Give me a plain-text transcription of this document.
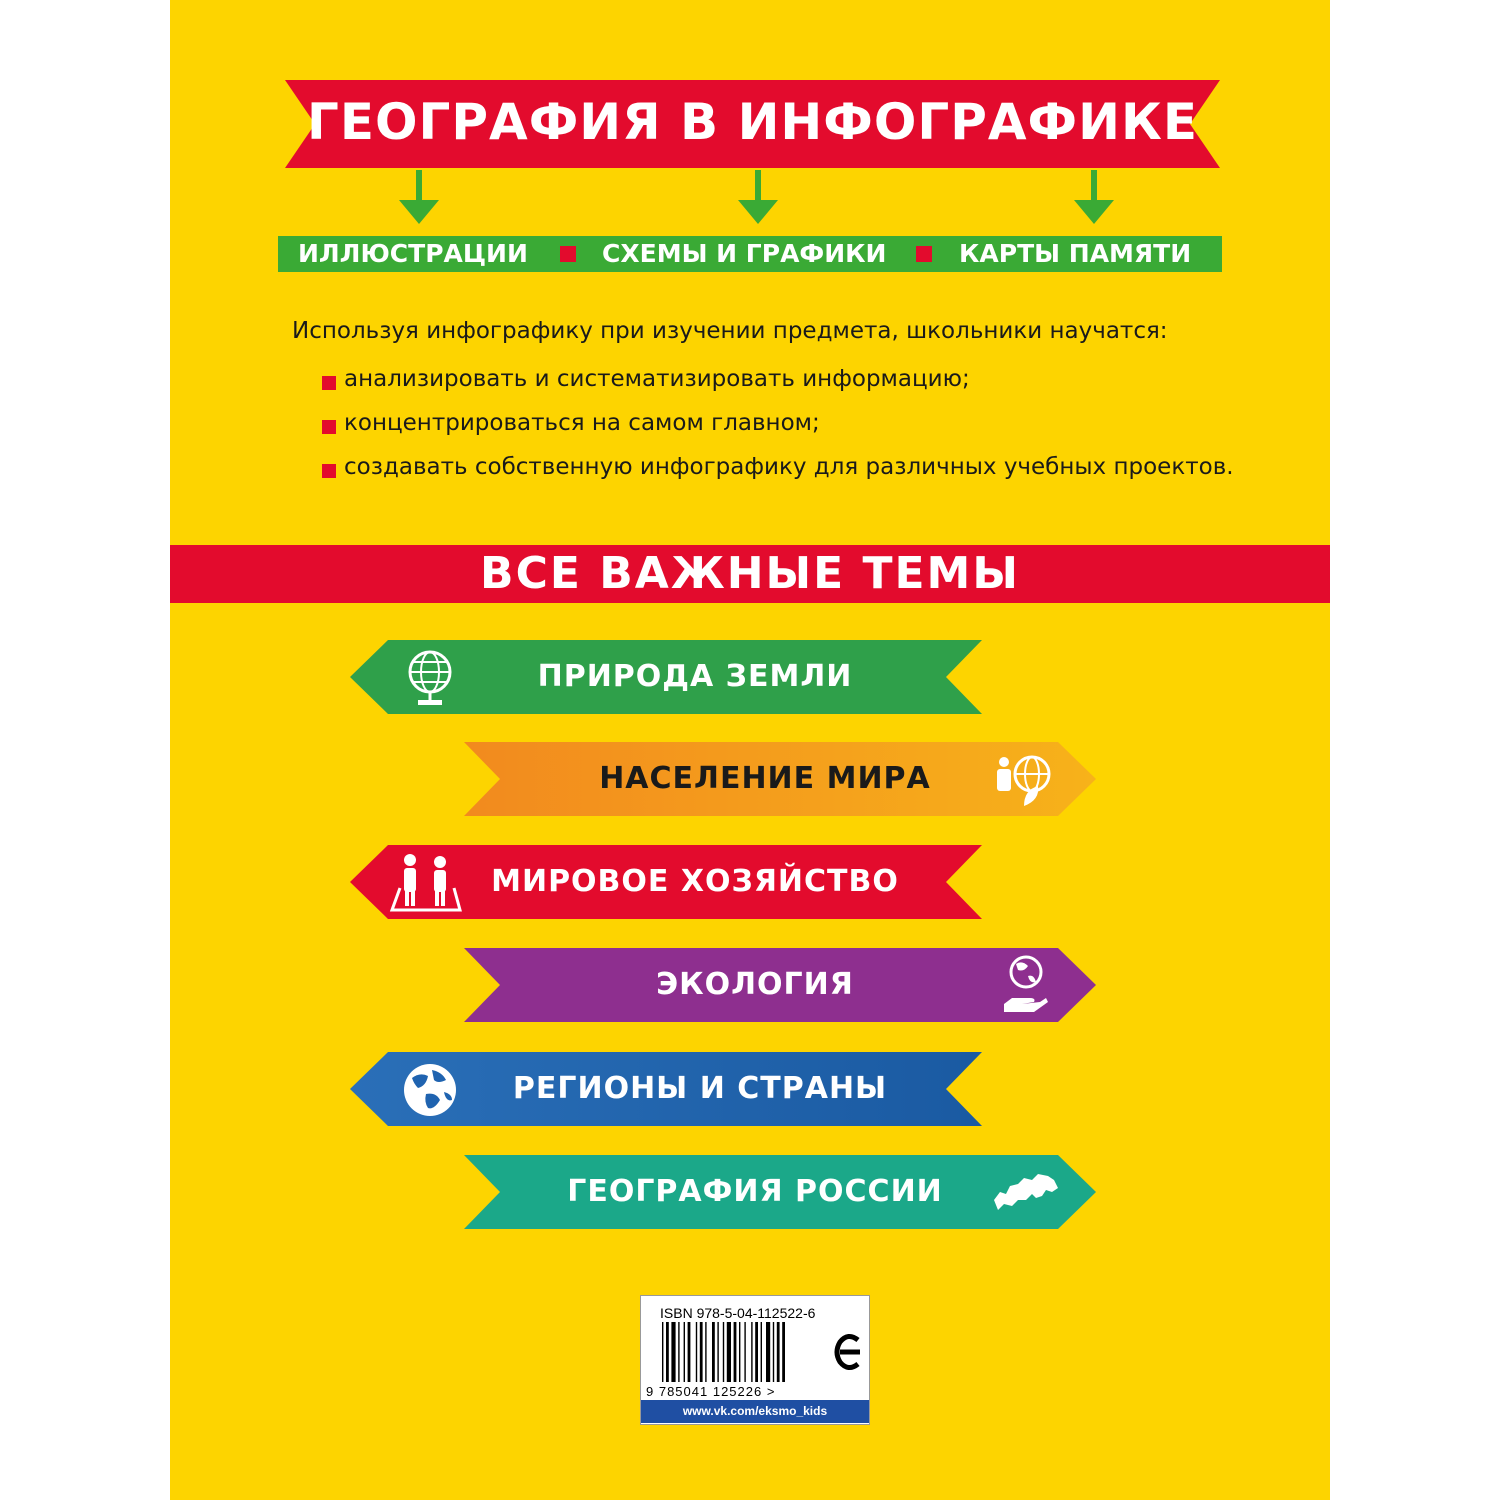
ГЕОГРАФИЯ В ИНФОГРАФИКЕ
ИЛЛЮСТРАЦИИ	СХЕМЫ И ГРАФИКИ	КАРТЫ ПАМЯТИ
Используя инфографику при изучении предмета, школьники научатся:
анализировать и систематизировать информацию;
концентрироваться на самом главном;
создавать собственную инфографику для различных учебных проектов.
ВСЕ ВАЖНЫЕ ТЕМЫ
ПРИРОДА ЗЕМЛИ
НАСЕЛЕНИЕ МИРА
МИРОВОЕ ХОЗЯЙСТВО
ЭКОЛОГИЯ
РЕГИОНЫ И СТРАНЫ
ГЕОГРАФИЯ РОССИИ
ISBN 978-5-04-112522-6
9 785041 125226 >
www.vk.com/eksmo_kids
